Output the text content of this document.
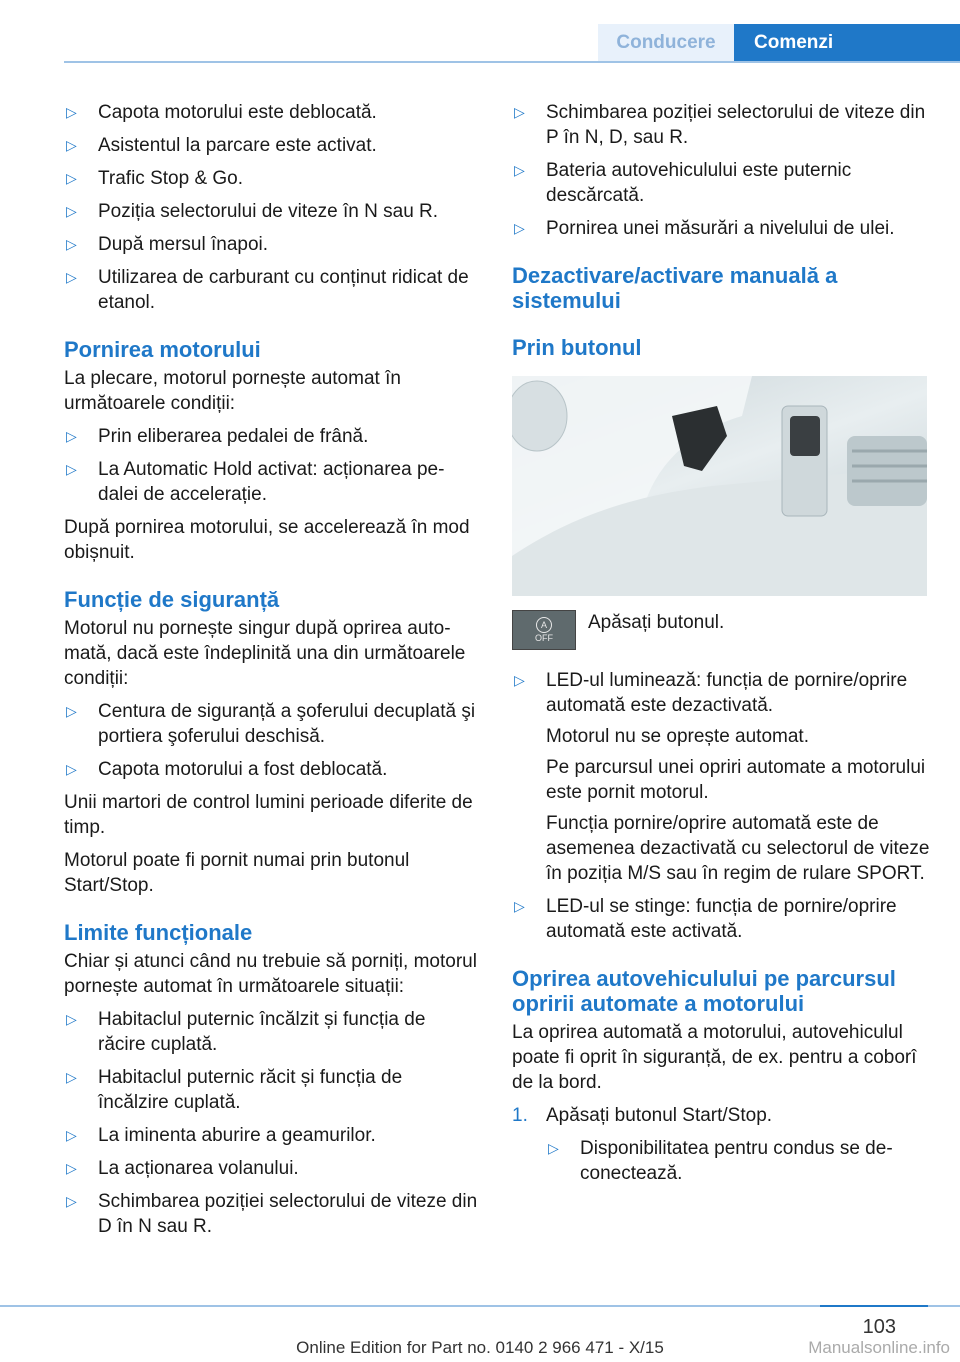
Conducere	Comenzi
▷ Capota motorului este deblocată.
▷ Asistentul la parcare este activat.
▷ Trafic Stop & Go.
▷ Poziția selectorului de viteze în N sau R.
▷ După mersul înapoi.
▷ Utilizarea de carburant cu conținut ridicat de etanol.
Pornirea motorului
La plecare, motorul pornește automat în următoarele condiții:
▷ Prin eliberarea pedalei de frână.
▷ La Automatic Hold activat: acționarea pedalei de accelerație.
După pornirea motorului, se accelerează în mod obișnuit.
Funcție de siguranță
Motorul nu pornește singur după oprirea automată, dacă este îndeplinită una din următoarele condiții:
▷ Centura de siguranță a şoferului decuplată şi portiera şoferului deschisă.
▷ Capota motorului a fost deblocată.
Unii martori de control lumini perioade diferite de timp.
Motorul poate fi pornit numai prin butonul Start/Stop.
Limite funcționale
Chiar și atunci când nu trebuie să porniți, motorul pornește automat în următoarele situații:
▷ Habitaclul puternic încălzit și funcția de răcire cuplată.
▷ Habitaclul puternic răcit și funcția de încălzire cuplată.
▷ La iminenta aburire a geamurilor.
▷ La acționarea volanului.
▷ Schimbarea poziției selectorului de viteze din D în N sau R.
▷ Schimbarea poziției selectorului de viteze din P în N, D, sau R.
▷ Bateria autovehiculului este puternic descărcată.
▷ Pornirea unei măsurări a nivelului de ulei.
Dezactivare/activare manuală a sistemului
Prin butonul
A
OFF
Apăsați butonul.
▷ LED-ul luminează: funcția de pornire/oprire automată este dezactivată.
Motorul nu se oprește automat.
Pe parcursul unei opriri automate a motorului este pornit motorul.
Funcția pornire/oprire automată este de asemenea dezactivată cu selectorul de viteze în poziția M/S sau în regim de rulare SPORT.
▷ LED-ul se stinge: funcția de pornire/oprire automată este activată.
Oprirea autovehiculului pe parcursul opririi automate a motorului
La oprirea automată a motorului, autovehiculul poate fi oprit în siguranță, de ex. pentru a coborî de la bord.
1. Apăsați butonul Start/Stop.
▷ Disponibilitatea pentru condus se deconectează.
103
Online Edition for Part no. 0140 2 966 471 - X/15	Manualsonline.info
